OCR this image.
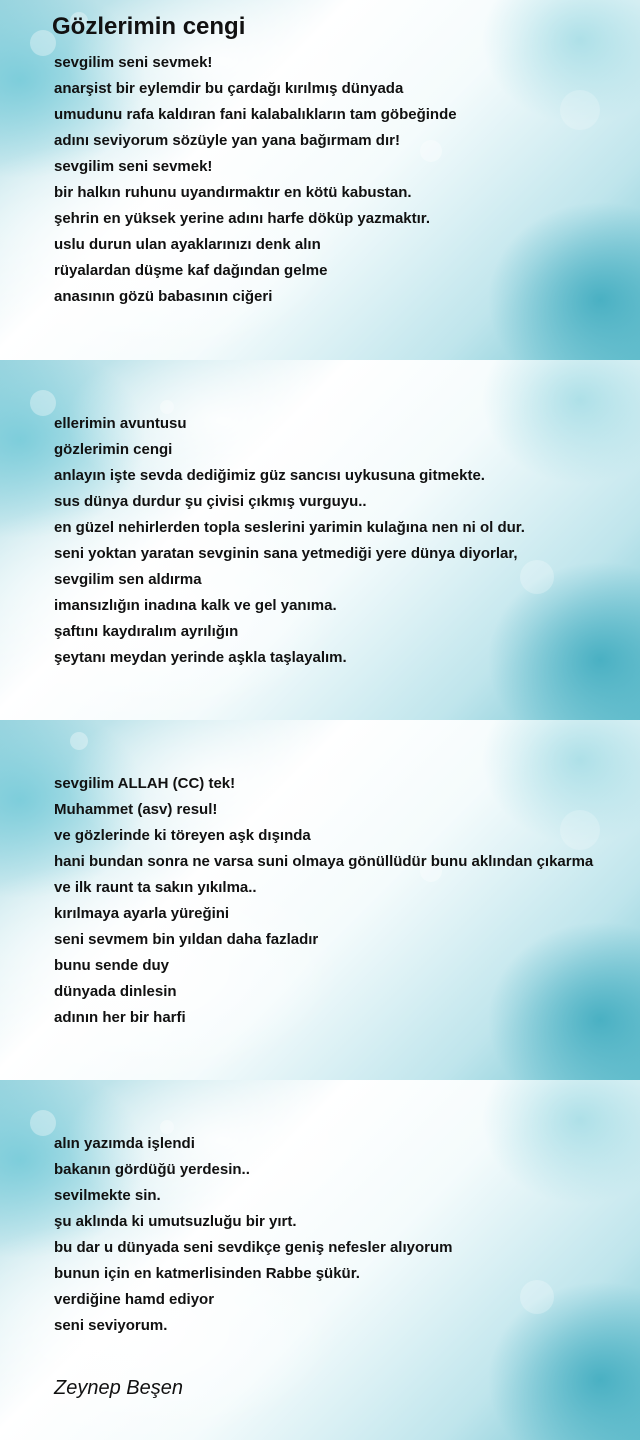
Gözlerimin cengi
sevgilim seni sevmek!
anarşist bir eylemdir bu çardağı kırılmış dünyada
umudunu rafa kaldıran fani kalabalıkların tam göbeğinde
adını seviyorum sözüyle yan yana bağırmam dır!
sevgilim seni sevmek!
bir halkın ruhunu uyandırmaktır en kötü kabustan.
şehrin en yüksek yerine adını harfe döküp yazmaktır.
uslu durun ulan ayaklarınızı denk alın
rüyalardan düşme kaf dağından gelme
anasının gözü babasının ciğeri
ellerimin avuntusu
gözlerimin cengi
anlayın işte sevda dediğimiz güz sancısı uykusuna gitmekte.
sus dünya durdur şu çivisi çıkmış vurguyu..
en güzel nehirlerden topla seslerini yarimin kulağına nen ni ol dur.
seni yoktan yaratan sevginin sana yetmediği yere dünya diyorlar,
sevgilim sen aldırma
imansızlığın inadına kalk ve gel yanıma.
şaftını kaydıralım ayrılığın
şeytanı meydan yerinde aşkla taşlayalım.
sevgilim ALLAH (CC) tek!
Muhammet (asv) resul!
ve gözlerinde ki töreyen aşk dışında
hani bundan sonra ne varsa suni olmaya gönüllüdür bunu aklından çıkarma
ve ilk raunt ta sakın yıkılma..
kırılmaya ayarla yüreğini
seni sevmem bin yıldan daha fazladır
bunu sende duy
dünyada dinlesin
adının her bir harfi
alın yazımda işlendi
bakanın gördüğü yerdesin..
sevilmekte sin.
şu aklında ki umutsuzluğu bir yırt.
bu dar u dünyada seni sevdikçe geniş nefesler alıyorum
bunun için en katmerlisinden Rabbe şükür.
verdiğine hamd ediyor
seni seviyorum.
Zeynep Beşen
